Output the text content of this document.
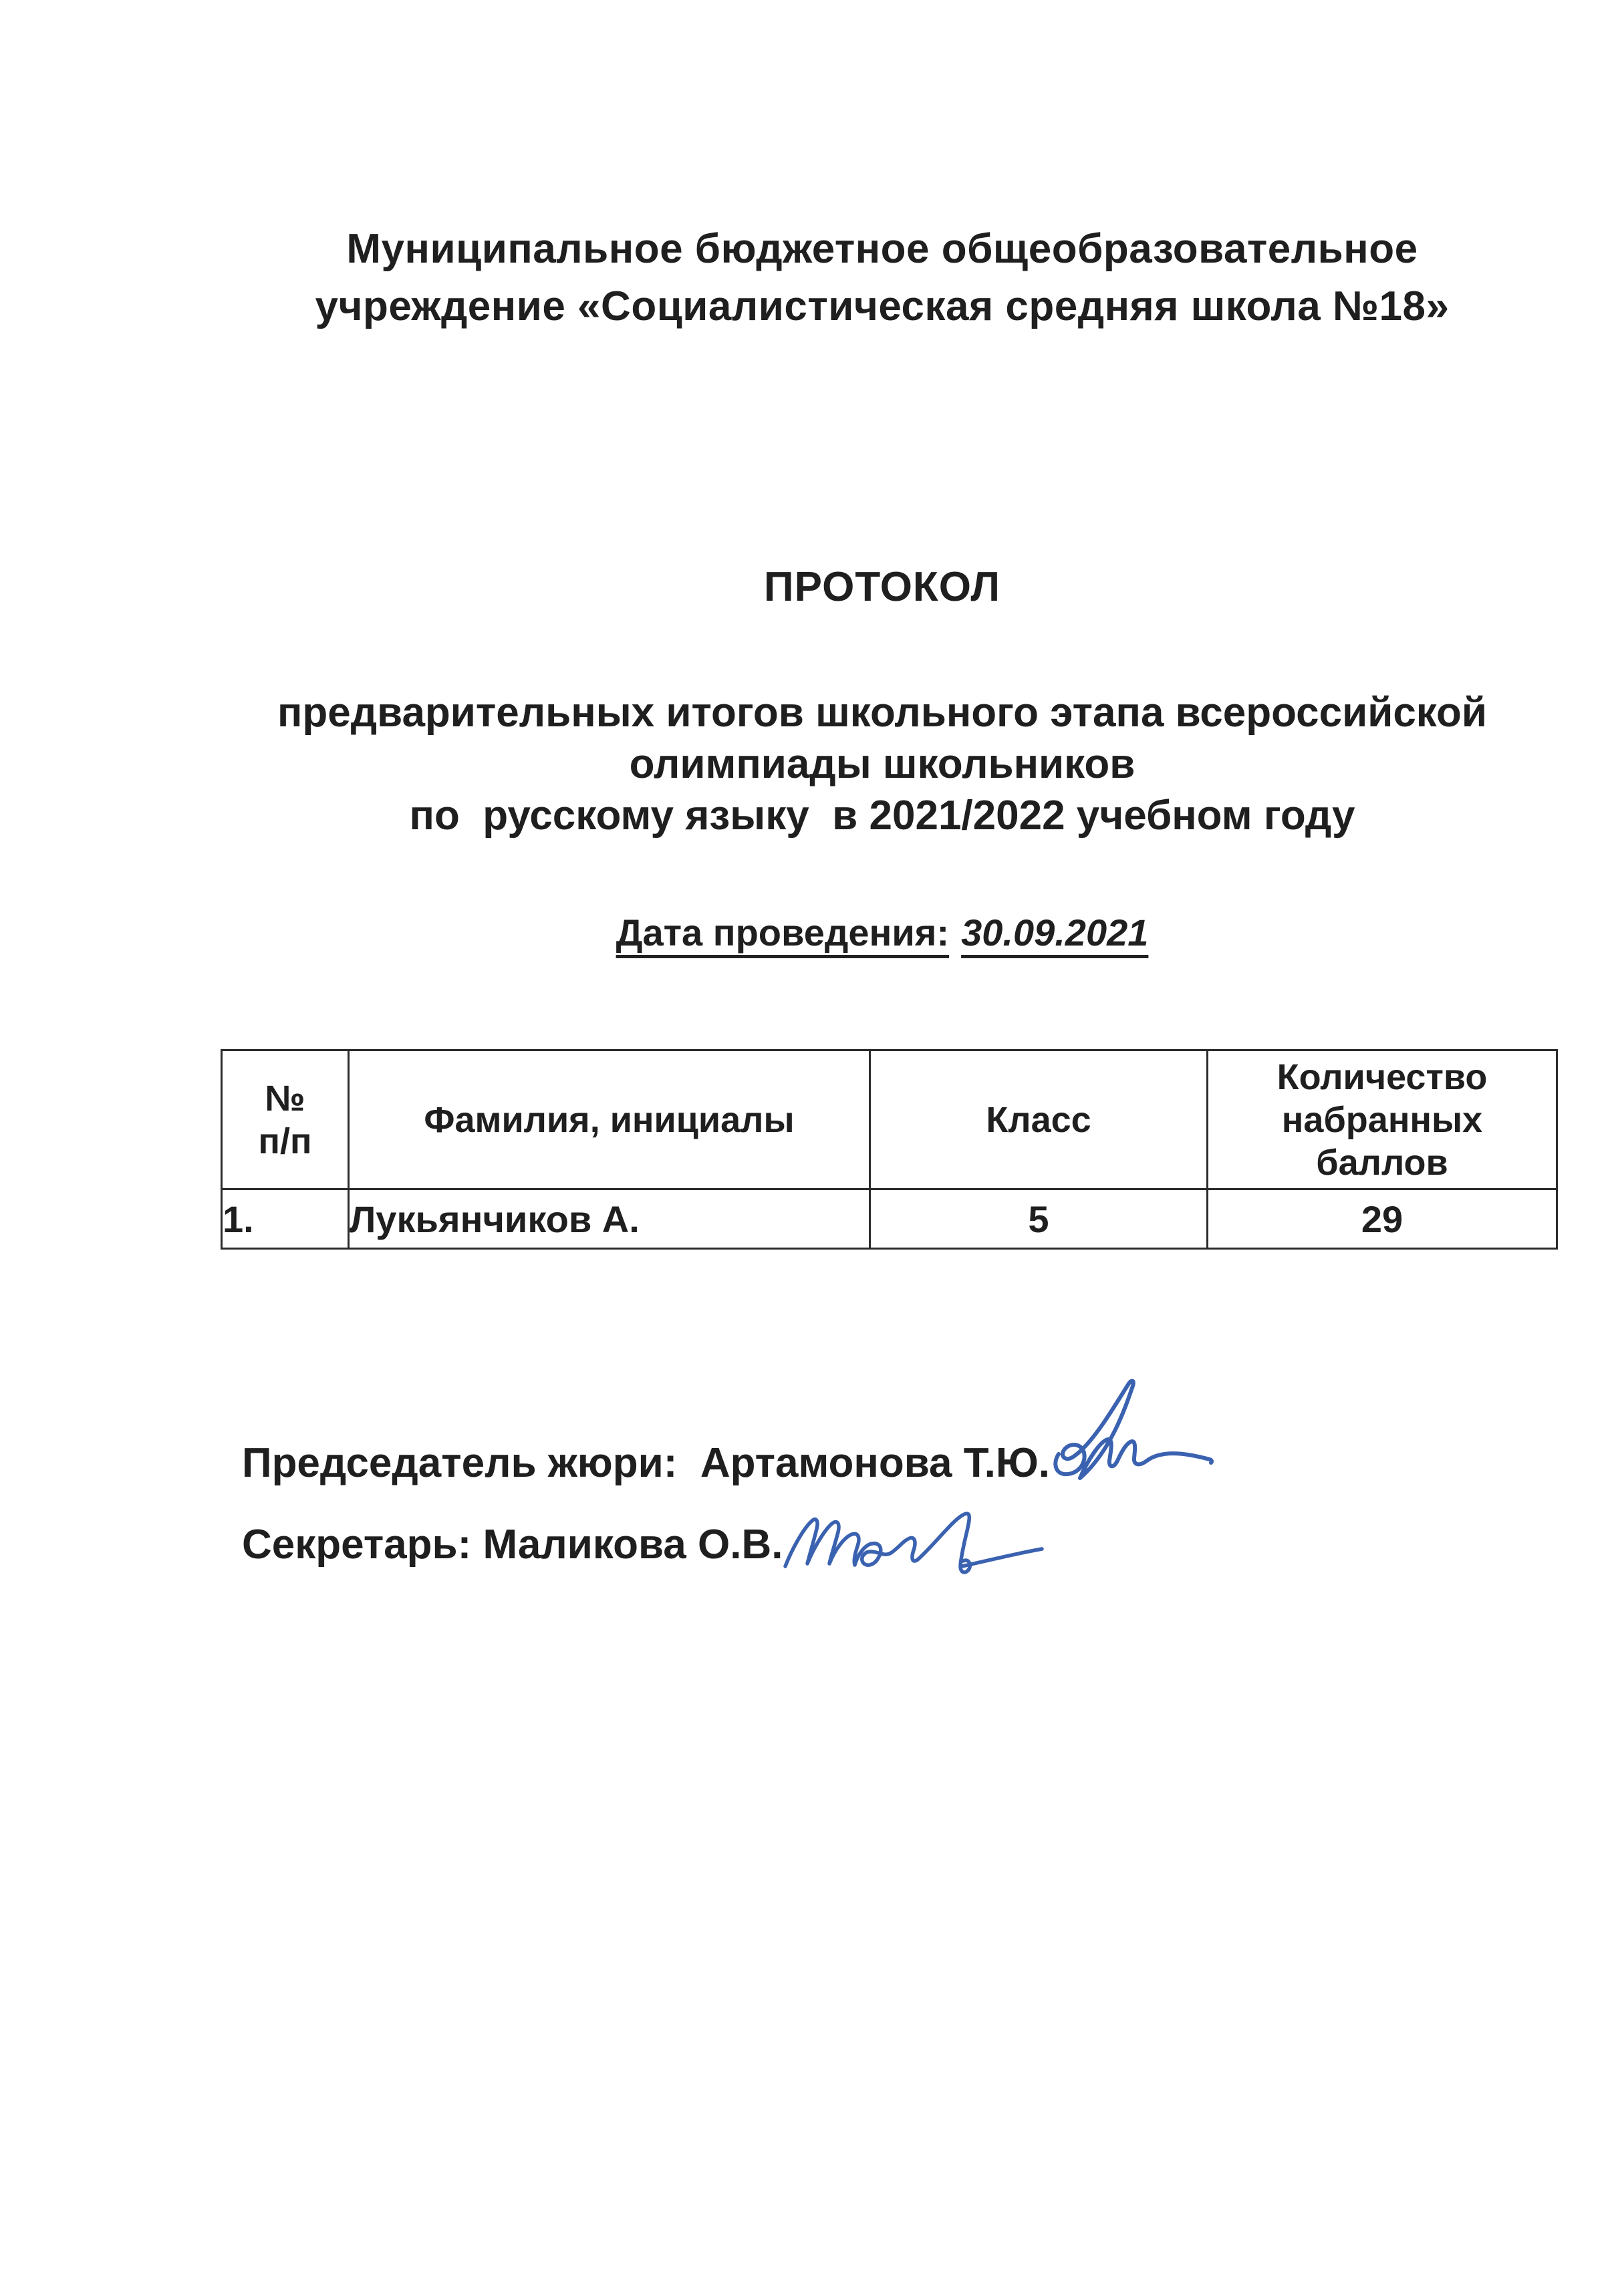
Муниципальное бюджетное общеобразовательное
учреждение «Социалистическая средняя школа №18»
ПРОТОКОЛ
предварительных итогов школьного этапа всероссийской
олимпиады школьников
по  русскому языку  в 2021/2022 учебном году
Дата проведения: 30.09.2021
№
п/п	Фамилия, инициалы	Класс	Количество набранных баллов
1.	Лукьянчиков А.	5	29
Председатель жюри:  Артамонова Т.Ю.
Секретарь: Маликова О.В.
